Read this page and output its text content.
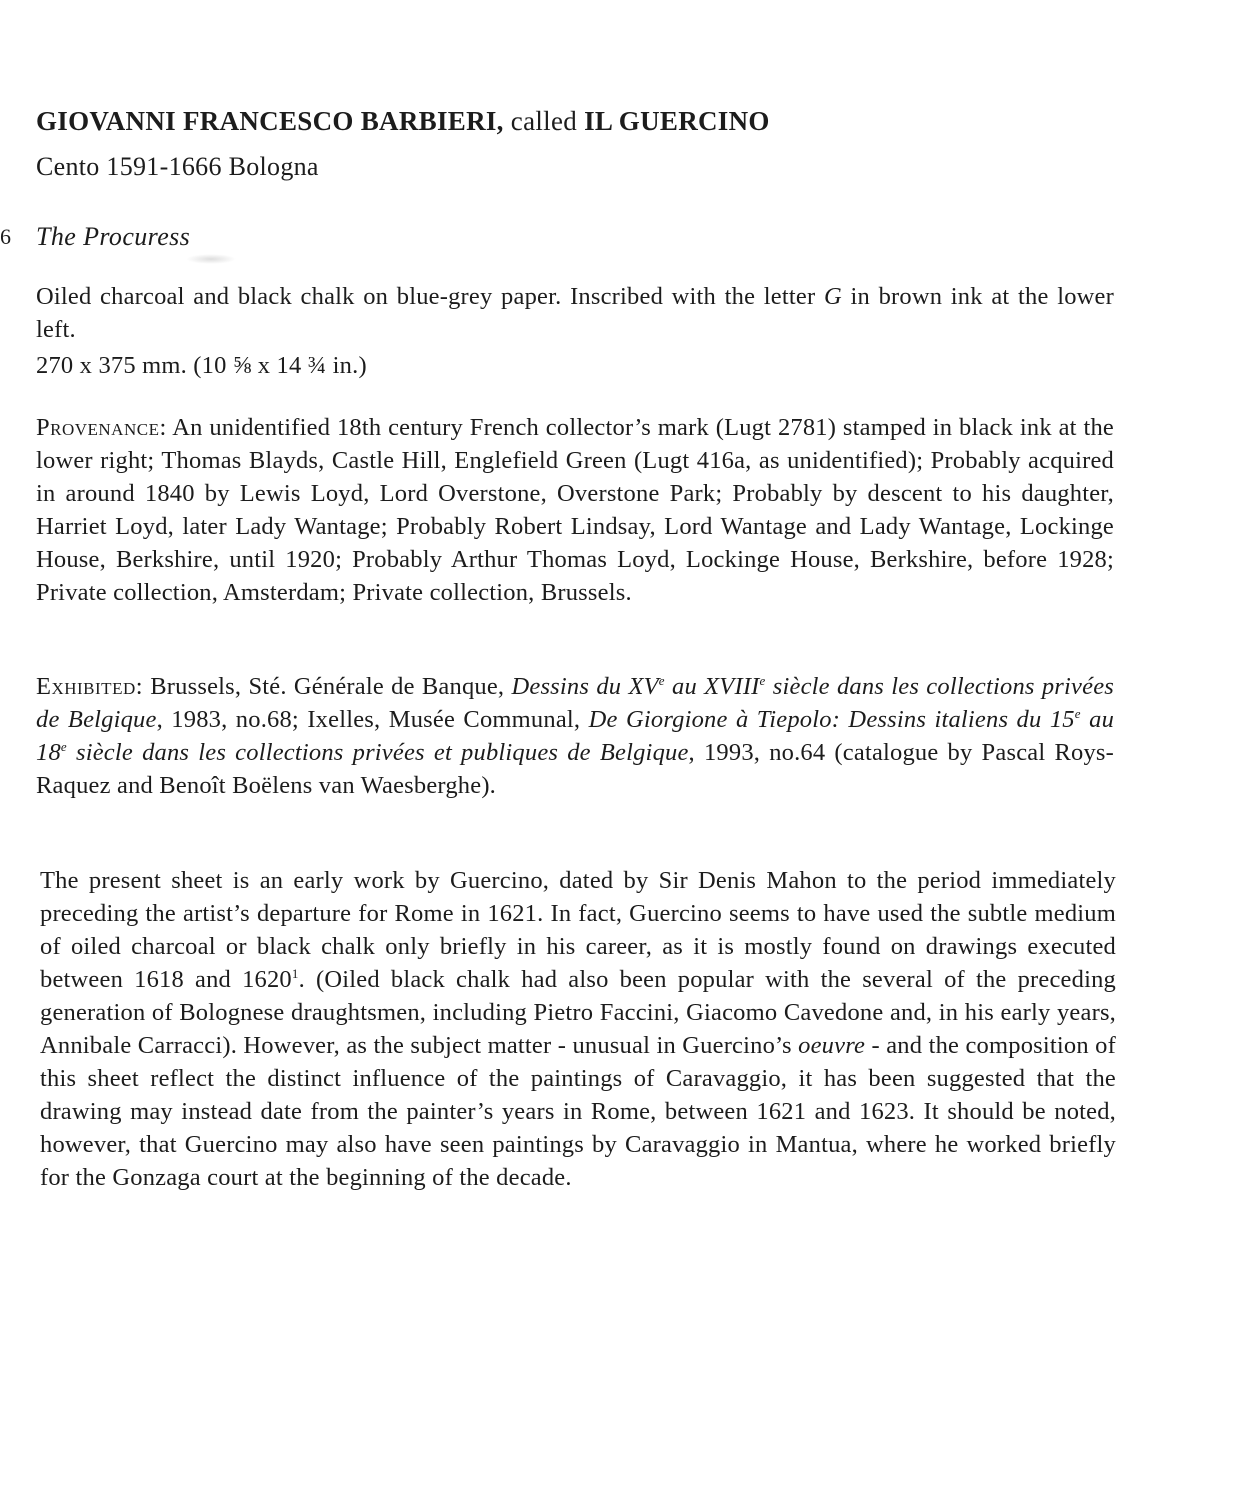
GIOVANNI FRANCESCO BARBIERI, called IL GUERCINO
Cento 1591-1666 Bologna
6 The Procuress
Oiled charcoal and black chalk on blue-grey paper. Inscribed with the letter G in brown ink at the lower left.
270 x 375 mm. (10 ⅝ x 14 ¾ in.)
Provenance: An unidentified 18th century French collector’s mark (Lugt 2781) stamped in black ink at the lower right; Thomas Blayds, Castle Hill, Englefield Green (Lugt 416a, as unidentified); Probably acquired in around 1840 by Lewis Loyd, Lord Overstone, Overstone Park; Probably by descent to his daughter, Harriet Loyd, later Lady Wantage; Probably Robert Lindsay, Lord Wantage and Lady Wantage, Lockinge House, Berkshire, until 1920; Probably Arthur Thomas Loyd, Lockinge House, Berkshire, before 1928; Private collection, Amsterdam; Private collection, Brussels.
Exhibited: Brussels, Sté. Générale de Banque, Dessins du XVe au XVIIIe siècle dans les collections privées de Belgique, 1983, no.68; Ixelles, Musée Communal, De Giorgione à Tiepolo: Dessins italiens du 15e au 18e siècle dans les collections privées et publiques de Belgique, 1993, no.64 (catalogue by Pascal Roys-Raquez and Benoît Boëlens van Waesberghe).
The present sheet is an early work by Guercino, dated by Sir Denis Mahon to the period immediately preceding the artist’s departure for Rome in 1621. In fact, Guercino seems to have used the subtle medium of oiled charcoal or black chalk only briefly in his career, as it is mostly found on drawings executed between 1618 and 1620$^1$. (Oiled black chalk had also been popular with the several of the preceding generation of Bolognese draughtsmen, including Pietro Faccini, Giacomo Cavedone and, in his early years, Annibale Carracci). However, as the subject matter - unusual in Guercino’s oeuvre - and the composition of this sheet reflect the distinct influence of the paintings of Caravaggio, it has been suggested that the drawing may instead date from the painter’s years in Rome, between 1621 and 1623. It should be noted, however, that Guercino may also have seen paintings by Caravaggio in Mantua, where he worked briefly for the Gonzaga court at the beginning of the decade.
